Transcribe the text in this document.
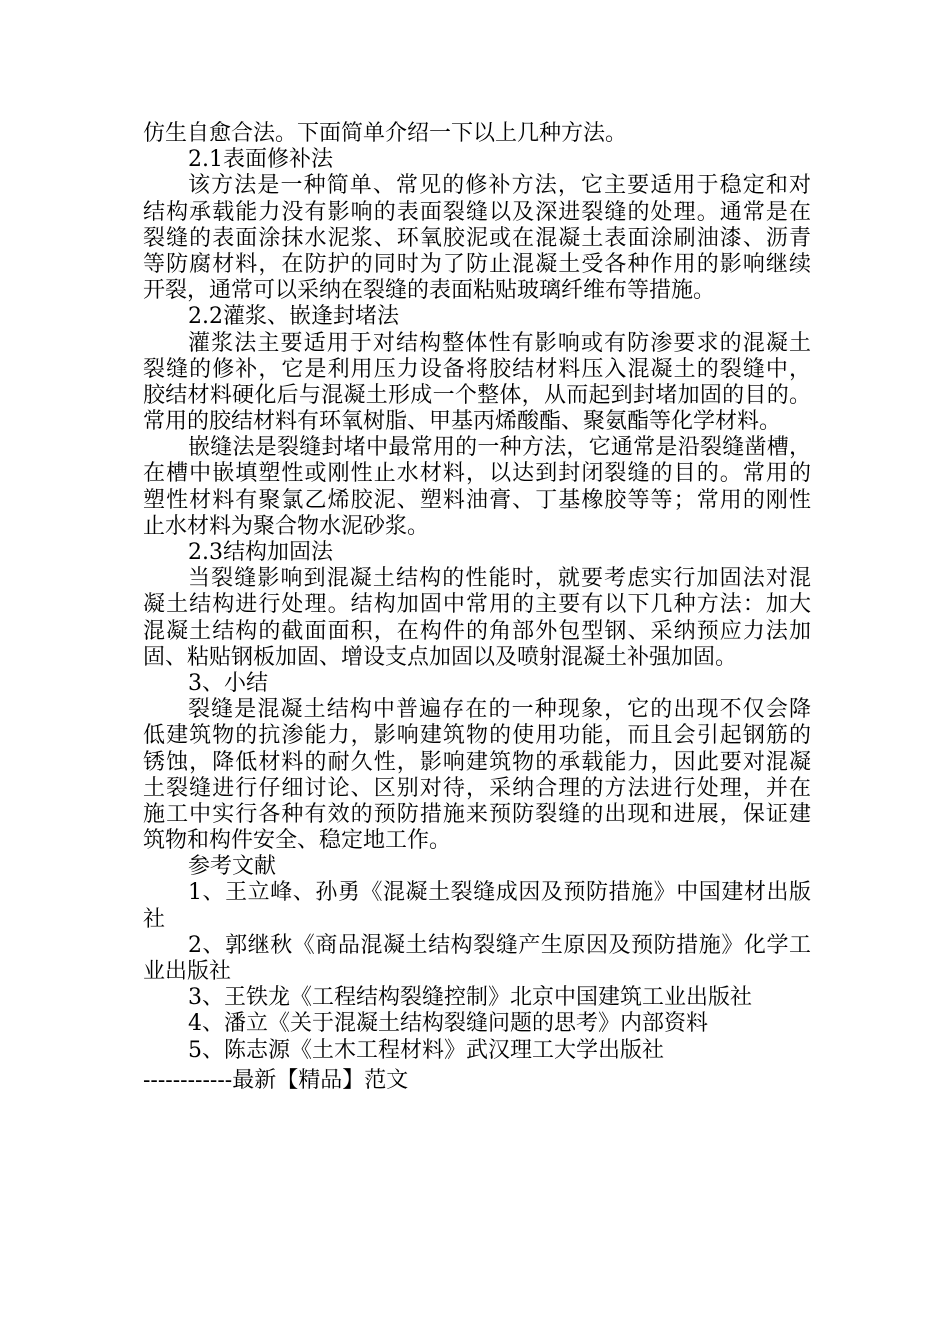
仿生自愈合法。下面简单介绍一下以上几种方法。
2.1表面修补法
该方法是一种简单、常见的修补方法，它主要适用于稳定和对
结构承载能力没有影响的表面裂缝以及深进裂缝的处理。通常是在
裂缝的表面涂抹水泥浆、环氧胶泥或在混凝土表面涂刷油漆、沥青
等防腐材料，在防护的同时为了防止混凝土受各种作用的影响继续
开裂，通常可以采纳在裂缝的表面粘贴玻璃纤维布等措施。
2.2灌浆、嵌逢封堵法
灌浆法主要适用于对结构整体性有影响或有防渗要求的混凝土
裂缝的修补，它是利用压力设备将胶结材料压入混凝土的裂缝中，
胶结材料硬化后与混凝土形成一个整体，从而起到封堵加固的目的。
常用的胶结材料有环氧树脂、甲基丙烯酸酯、聚氨酯等化学材料。
嵌缝法是裂缝封堵中最常用的一种方法，它通常是沿裂缝凿槽，
在槽中嵌填塑性或刚性止水材料，以达到封闭裂缝的目的。常用的
塑性材料有聚氯乙烯胶泥、塑料油膏、丁基橡胶等等；常用的刚性
止水材料为聚合物水泥砂浆。
2.3结构加固法
当裂缝影响到混凝土结构的性能时，就要考虑实行加固法对混
凝土结构进行处理。结构加固中常用的主要有以下几种方法：加大
混凝土结构的截面面积，在构件的角部外包型钢、采纳预应力法加
固、粘贴钢板加固、增设支点加固以及喷射混凝土补强加固。
3、小结
裂缝是混凝土结构中普遍存在的一种现象，它的出现不仅会降
低建筑物的抗渗能力，影响建筑物的使用功能，而且会引起钢筋的
锈蚀，降低材料的耐久性，影响建筑物的承载能力，因此要对混凝
土裂缝进行仔细讨论、区别对待，采纳合理的方法进行处理，并在
施工中实行各种有效的预防措施来预防裂缝的出现和进展，保证建
筑物和构件安全、稳定地工作。
参考文献
1、王立峰、孙勇《混凝土裂缝成因及预防措施》中国建材出版
社
2、郭继秋《商品混凝土结构裂缝产生原因及预防措施》化学工
业出版社
3、王铁龙《工程结构裂缝控制》北京中国建筑工业出版社
4、潘立《关于混凝土结构裂缝问题的思考》内部资料
5、陈志源《土木工程材料》武汉理工大学出版社
------------最新【精品】范文
